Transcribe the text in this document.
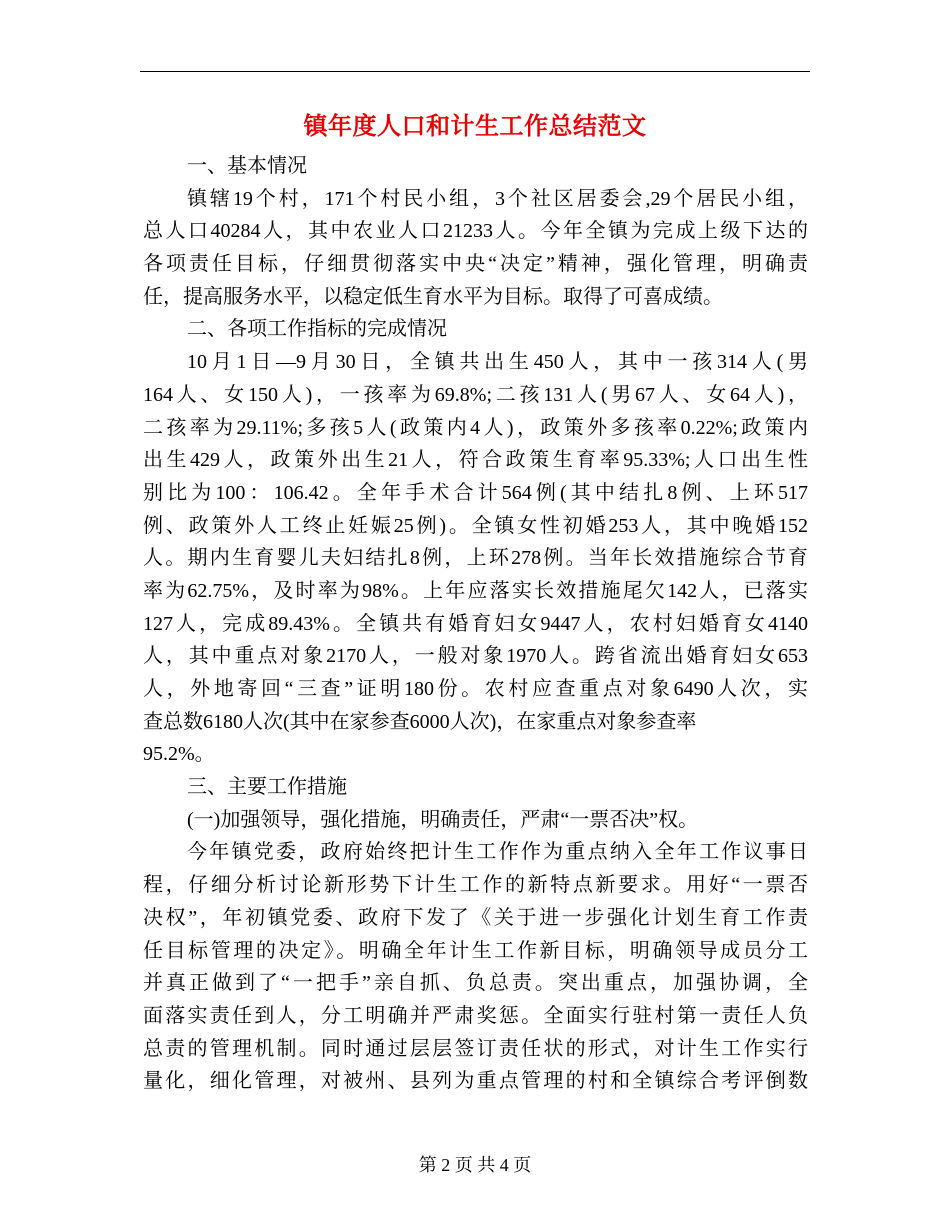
镇年度人口和计生工作总结范文
一、基本情况
镇辖19个村，171个村民小组，3个社区居委会,29个居民小组，
总人口40284人，其中农业人口21233人。今年全镇为完成上级下达的
各项责任目标，仔细贯彻落实中央“决定”精神，强化管理，明确责
任，提高服务水平，以稳定低生育水平为目标。取得了可喜成绩。
二、各项工作指标的完成情况
10月1日—9月30日，全镇共出生450人，其中一孩314人(男
164人、女150人)，一孩率为69.8%;二孩131人(男67人、女64人)，
二孩率为29.11%;多孩5人(政策内4人)，政策外多孩率0.22%;政策内
出生429人，政策外出生21人，符合政策生育率95.33%;人口出生性
别比为100：106.42。全年手术合计564例(其中结扎8例、上环517
例、政策外人工终止妊娠25例)。全镇女性初婚253人，其中晚婚152
人。期内生育婴儿夫妇结扎8例，上环278例。当年长效措施综合节育
率为62.75%，及时率为98%。上年应落实长效措施尾欠142人，已落实
127人，完成89.43%。全镇共有婚育妇女9447人，农村妇婚育女4140
人，其中重点对象2170人，一般对象1970人。跨省流出婚育妇女653
人，外地寄回“三查”证明180份。农村应查重点对象6490人次，实
查总数6180人次(其中在家参查6000人次)，在家重点对象参查率
95.2%。
三、主要工作措施
(一)加强领导，强化措施，明确责任，严肃“一票否决”权。
今年镇党委，政府始终把计生工作作为重点纳入全年工作议事日
程，仔细分析讨论新形势下计生工作的新特点新要求。用好“一票否
决权”，年初镇党委、政府下发了《关于进一步强化计划生育工作责
任目标管理的决定》。明确全年计生工作新目标，明确领导成员分工
并真正做到了“一把手”亲自抓、负总责。突出重点，加强协调，全
面落实责任到人，分工明确并严肃奖惩。全面实行驻村第一责任人负
总责的管理机制。同时通过层层签订责任状的形式，对计生工作实行
量化，细化管理，对被州、县列为重点管理的村和全镇综合考评倒数
第 2 页 共 4 页
